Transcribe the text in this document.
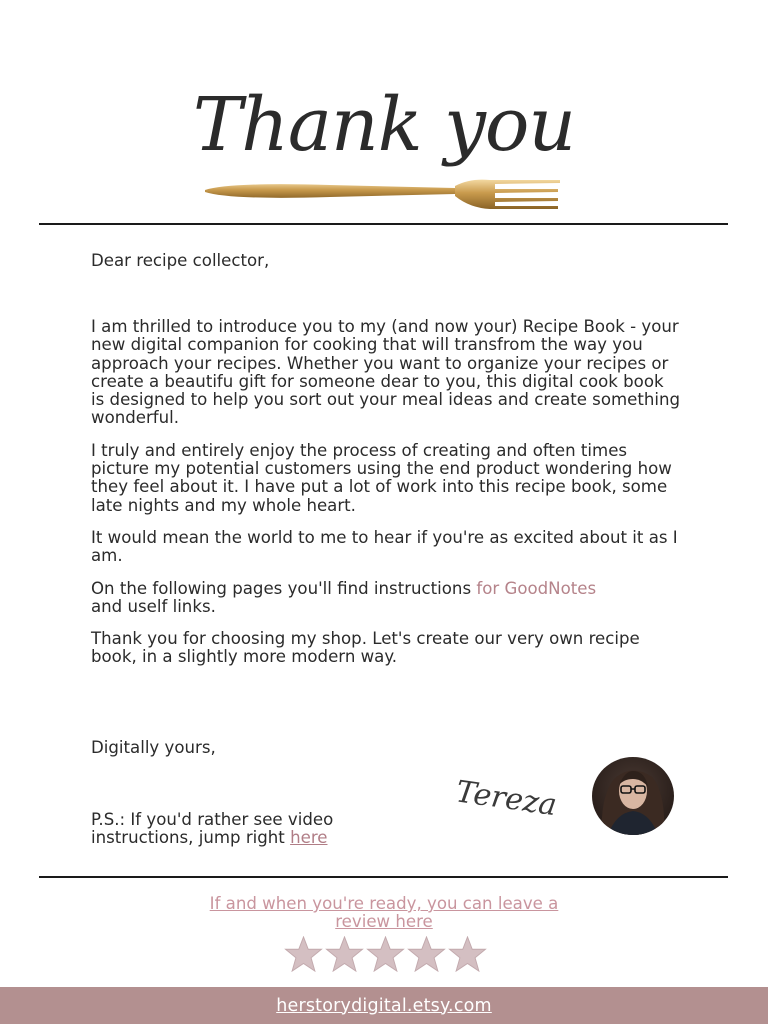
Thank you
Dear recipe collector,

I am thrilled to introduce you to my (and now your) Recipe Book - your new digital companion for cooking that will transfrom the way you approach your recipes. Whether you want to organize your recipes or create a beautifu gift for someone dear to you, this digital cook book is designed to help you sort out your meal ideas and create something wonderful.

I truly and entirely enjoy the process of creating and often times picture my potential customers using the end product wondering how they feel about it. I have put a lot of work into this recipe book, some late nights and my whole heart.

It would mean the world to me to hear if you're as excited about it as I am.

On the following pages you'll find instructions for GoodNotes
and uself links.

Thank you for choosing my shop. Let's create our very own recipe book, in a slightly more modern way.

Digitally yours,
P.S.: If you'd rather see video instructions, jump right here
Tereza
If and when you're ready, you can leave a review here
herstorydigital.etsy.com
